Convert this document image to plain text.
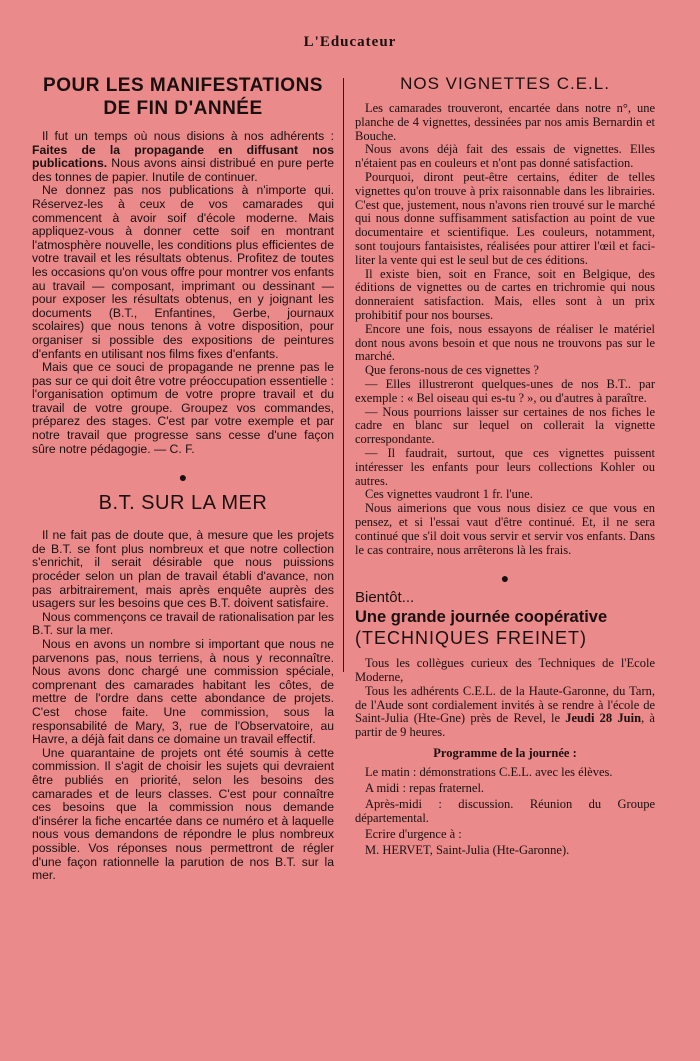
L'Educateur
POUR LES MANIFESTATIONS DE FIN D'ANNÉE

Il fut un temps où nous disions à nos adhérents : Faites de la propagande en diffusant nos publications. Nous avons ainsi distribué en pure perte des tonnes de papier. Inutile de continuer.

Ne donnez pas nos publications à n'importe qui. Réservez-les à ceux de vos camarades qui commencent à avoir soif d'école moderne. Mais appliquez-vous à donner cette soif en montrant l'atmosphère nouvelle, les conditions plus efficientes de votre travail et les résultats obtenus. Profitez de toutes les occasions qu'on vous offre pour montrer vos enfants au travail — composant, imprimant ou dessinant — pour exposer les résultats obtenus, en y joignant les documents (B.T., Enfantines, Gerbe, journaux scolaires) que nous tenons à votre disposition, pour organiser si possible des expositions de peintures d'enfants en utilisant nos films fixes d'enfants.

Mais que ce souci de propagande ne prenne pas le pas sur ce qui doit être votre préoccupation essentielle : l'organisation optimum de votre propre travail et du travail de votre groupe. Groupez vos commandes, préparez des stages. C'est par votre exemple et par notre travail que progresse sans cesse d'une façon sûre notre pédagogie. — C. F.

●
B.T. SUR LA MER

Il ne fait pas de doute que, à mesure que les projets de B.T. se font plus nombreux et que notre collection s'enrichit, il serait désirable que nous puissions procéder selon un plan de travail établi d'avance, non pas arbitrairement, mais après enquête auprès des usagers sur les besoins que ces B.T. doivent satisfaire.

Nous commençons ce travail de rationalisation par les B.T. sur la mer.

Nous en avons un nombre si important que nous ne parvenons pas, nous terriens, à nous y reconnaître. Nous avons donc chargé une commission spéciale, comprenant des camarades habitant les côtes, de mettre de l'ordre dans cette abondance de projets. C'est chose faite. Une commission, sous la responsabilité de Mary, 3, rue de l'Observatoire, au Havre, a déjà fait dans ce domaine un travail effectif.

Une quarantaine de projets ont été soumis à cette commission. Il s'agit de choisir les sujets qui devraient être publiés en priorité, selon les besoins des camarades et de leurs classes. C'est pour connaître ces besoins que la commission nous demande d'insérer la fiche encartée dans ce numéro et à laquelle nous vous demandons de répondre le plus nombreux possible. Vos réponses nous permettront de régler d'une façon rationnelle la parution de nos B.T. sur la mer.

NOS VIGNETTES C.E.L.

Les camarades trouveront, encartée dans notre n°, une planche de 4 vignettes, dessinées par nos amis Bernardin et Bouche.

Nous avons déjà fait des essais de vignettes. Elles n'étaient pas en couleurs et n'ont pas donné satisfaction.

Pourquoi, diront peut-être certains, éditer de telles vignettes qu'on trouve à prix raisonnable dans les librairies. C'est que, justement, nous n'avons rien trouvé sur le marché qui nous donne suffisamment satisfaction au point de vue documentaire et scientifique. Les couleurs, notamment, sont toujours fantaisistes, réalisées pour attirer l'œil et faciliter la vente qui est le seul but de ces éditions.

Il existe bien, soit en France, soit en Belgique, des éditions de vignettes ou de cartes en trichromie qui nous donneraient satisfaction. Mais, elles sont à un prix prohibitif pour nos bourses.

Encore une fois, nous essayons de réaliser le matériel dont nous avons besoin et que nous ne trouvons pas sur le marché.

Que ferons-nous de ces vignettes ?

— Elles illustreront quelques-unes de nos B.T.. par exemple : « Bel oiseau qui es-tu ? », ou d'autres à paraître.

— Nous pourrions laisser sur certaines de nos fiches le cadre en blanc sur lequel on collerait la vignette correspondante.

— Il faudrait, surtout, que ces vignettes puissent intéresser les enfants pour leurs collections Kohler ou autres.

Ces vignettes vaudront 1 fr. l'une.

Nous aimerions que vous nous disiez ce que vous en pensez, et si l'essai vaut d'être continué. Et, il ne sera continué que s'il doit vous servir et servir vos enfants. Dans le cas contraire, nous arrêterons là les frais.

●
Bientôt...
Une grande journée coopérative
(TECHNIQUES FREINET)

Tous les collègues curieux des Techniques de l'Ecole Moderne,

Tous les adhérents C.E.L. de la Haute-Garonne, du Tarn, de l'Aude sont cordialement invités à se rendre à l'école de Saint-Julia (Hte-Gne) près de Revel, le Jeudi 28 Juin, à partir de 9 heures.

Programme de la journée :
Le matin : démonstrations C.E.L. avec les élèves.
A midi : repas fraternel.
Après-midi : discussion. Réunion du Groupe départemental.
Ecrire d'urgence à :
M. HERVET, Saint-Julia (Hte-Garonne).
